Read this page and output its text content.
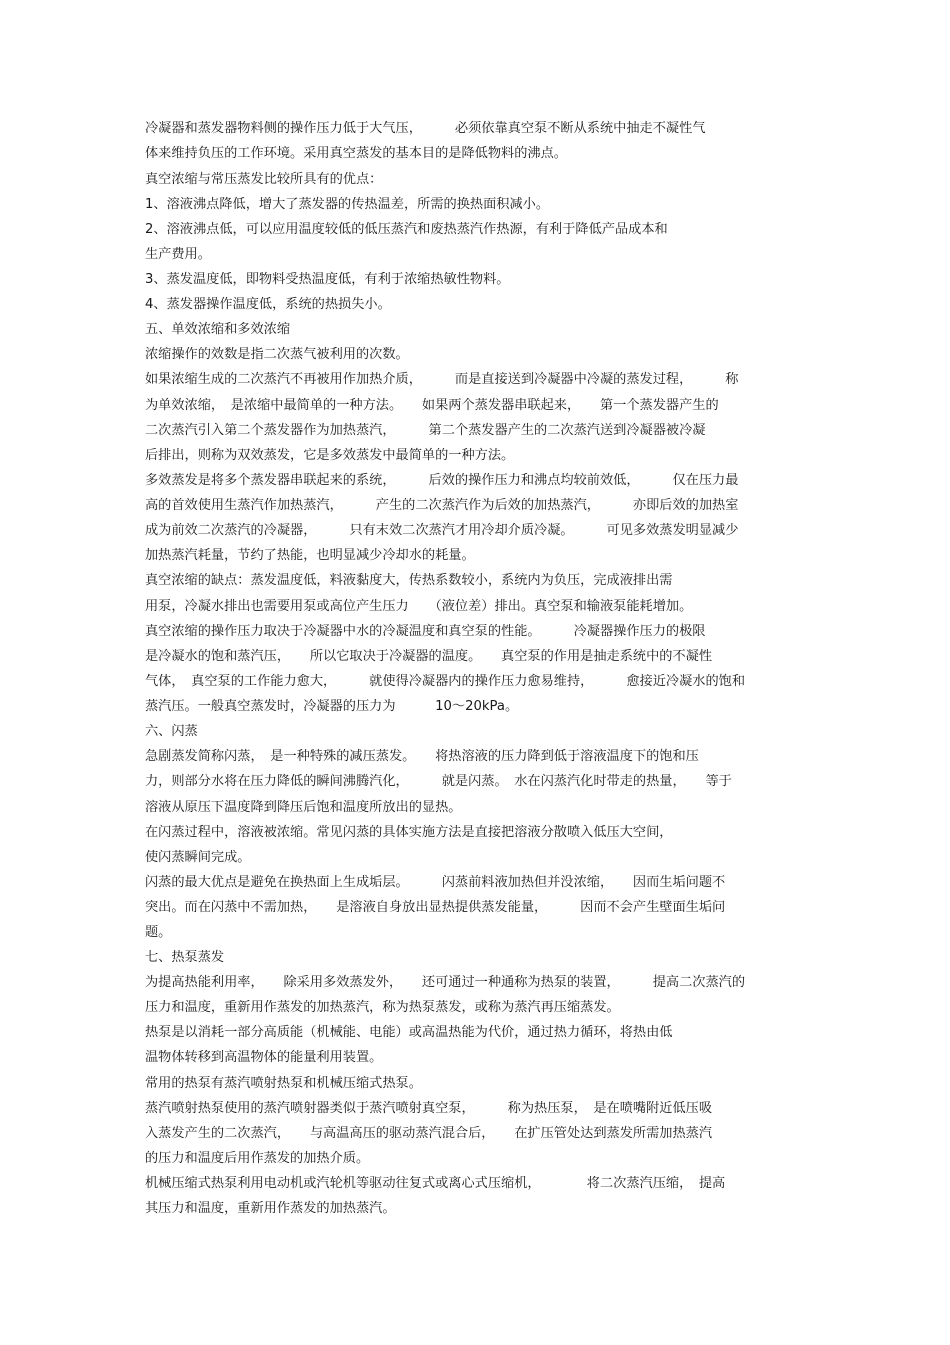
冷凝器和蒸发器物料侧的操作压力低于大气压，　　　必须依靠真空泵不断从系统中抽走不凝性气
体来维持负压的工作环境。采用真空蒸发的基本目的是降低物料的沸点。
真空浓缩与常压蒸发比较所具有的优点：
1、溶液沸点降低，增大了蒸发器的传热温差，所需的换热面积减小。
2、溶液沸点低，可以应用温度较低的低压蒸汽和废热蒸汽作热源，有利于降低产品成本和
生产费用。
3、蒸发温度低，即物料受热温度低，有利于浓缩热敏性物料。
4、蒸发器操作温度低，系统的热损失小。
五、单效浓缩和多效浓缩
浓缩操作的效数是指二次蒸气被利用的次数。
如果浓缩生成的二次蒸汽不再被用作加热介质，　　　而是直接送到冷凝器中冷凝的蒸发过程，　　　称
为单效浓缩，　是浓缩中最简单的一种方法。　　如果两个蒸发器串联起来，　　第一个蒸发器产生的
二次蒸汽引入第二个蒸发器作为加热蒸汽，　　　第二个蒸发器产生的二次蒸汽送到冷凝器被冷凝
后排出，则称为双效蒸发，它是多效蒸发中最简单的一种方法。
多效蒸发是将多个蒸发器串联起来的系统，　　　后效的操作压力和沸点均较前效低，　　　仅在压力最
高的首效使用生蒸汽作加热蒸汽，　　　产生的二次蒸汽作为后效的加热蒸汽，　　　亦即后效的加热室
成为前效二次蒸汽的冷凝器，　　　只有末效二次蒸汽才用冷却介质冷凝。　　　可见多效蒸发明显减少
加热蒸汽耗量，节约了热能，也明显减少冷却水的耗量。
真空浓缩的缺点：蒸发温度低，料液黏度大，传热系数较小，系统内为负压，完成液排出需
用泵，冷凝水排出也需要用泵或高位产生压力　　（液位差）排出。真空泵和输液泵能耗增加。
真空浓缩的操作压力取决于冷凝器中水的冷凝温度和真空泵的性能。　　　冷凝器操作压力的极限
是冷凝水的饱和蒸汽压，　　所以它取决于冷凝器的温度。　　真空泵的作用是抽走系统中的不凝性
气体，　真空泵的工作能力愈大，　　　就使得冷凝器内的操作压力愈易维持，　　　愈接近冷凝水的饱和
蒸汽压。一般真空蒸发时，冷凝器的压力为　　　10～20kPa。
六、闪蒸
急剧蒸发简称闪蒸，　是一种特殊的减压蒸发。　　将热溶液的压力降到低于溶液温度下的饱和压
力，则部分水将在压力降低的瞬间沸腾汽化，　　　就是闪蒸。　水在闪蒸汽化时带走的热量，　　等于
溶液从原压下温度降到降压后饱和温度所放出的显热。
在闪蒸过程中，溶液被浓缩。常见闪蒸的具体实施方法是直接把溶液分散喷入低压大空间，
使闪蒸瞬间完成。
闪蒸的最大优点是避免在换热面上生成垢层。　　　闪蒸前料液加热但并没浓缩，　　因而生垢问题不
突出。而在闪蒸中不需加热，　　是溶液自身放出显热提供蒸发能量，　　　因而不会产生壁面生垢问
题。
七、热泵蒸发
为提高热能利用率，　　除采用多效蒸发外，　　还可通过一种通称为热泵的装置，　　　提高二次蒸汽的
压力和温度，重新用作蒸发的加热蒸汽，称为热泵蒸发，或称为蒸汽再压缩蒸发。
热泵是以消耗一部分高质能（机械能、电能）或高温热能为代价，通过热力循环，将热由低
温物体转移到高温物体的能量利用装置。
常用的热泵有蒸汽喷射热泵和机械压缩式热泵。
蒸汽喷射热泵使用的蒸汽喷射器类似于蒸汽喷射真空泵，　　　称为热压泵，　是在喷嘴附近低压吸
入蒸发产生的二次蒸汽，　　与高温高压的驱动蒸汽混合后，　　在扩压管处达到蒸发所需加热蒸汽
的压力和温度后用作蒸发的加热介质。
机械压缩式热泵利用电动机或汽轮机等驱动往复式或离心式压缩机，　　　　将二次蒸汽压缩，　提高
其压力和温度，重新用作蒸发的加热蒸汽。
